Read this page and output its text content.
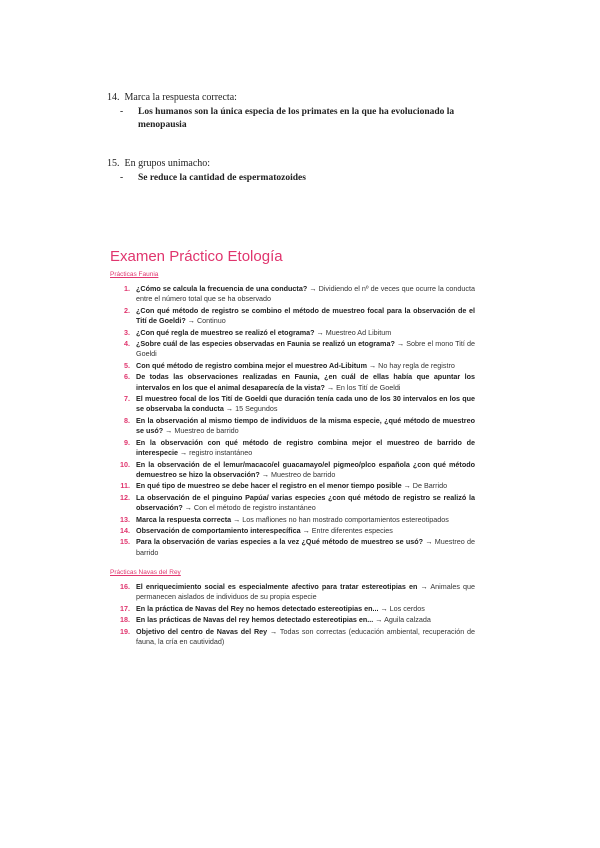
14. Marca la respuesta correcta:
-	Los humanos son la única especia de los primates en la que ha evolucionado la menopausia
15. En grupos unimacho:
-	Se reduce la cantidad de espermatozoides
Examen Práctico Etología
Prácticas Faunia
1. ¿Cómo se calcula la frecuencia de una conducta? → Dividiendo el nº de veces que ocurre la conducta entre el número total que se ha observado
2. ¿Con qué método de registro se combino el método de muestreo focal para la observación de el Tití de Goeldi? → Continuo
3. ¿Con qué regla de muestreo se realizó el etograma? → Muestreo Ad Libitum
4. ¿Sobre cuál de las especies observadas en Faunia se realizó un etograma? → Sobre el mono Tití de Goeldi
5. Con qué método de registro combina mejor el muestreo Ad-Libitum → No hay regla de registro
6. De todas las observaciones realizadas en Faunia, ¿en cuál de ellas había que apuntar los intervalos en los que el animal desaparecía de la vista? → En los Tití de Goeldi
7. El muestreo focal de los Tití de Goeldi que duración tenía cada uno de los 30 intervalos en los que se observaba la conducta → 15 Segundos
8. En la observación al mismo tiempo de individuos de la misma especie, ¿qué método de muestreo se usó? → Muestreo de barrido
9. En la observación con qué método de registro combina mejor el muestreo de barrido de interespecie → registro instantáneo
10. En la observación de el lemur/macaco/el guacamayo/el pigmeo/plco española ¿con qué método demuestreo se hizo la observación? → Muestreo de barrido
11. En qué tipo de muestreo se debe hacer el registro en el menor tiempo posible → De Barrido
12. La observación de el pinguino Papúa/ varias especies ¿con qué método de registro se realizó la observación? → Con el método de registro instantáneo
13. Marca la respuesta correcta → Los mafliones no han mostrado comportamientos estereotipados
14. Observación de comportamiento interespecífica → Entre diferentes especies
15. Para la observación de varias especies a la vez ¿Qué método de muestreo se usó? → Muestreo de barrido
Prácticas Navas del Rey
16. El enriquecimiento social es especialmente afectivo para tratar estereotipias en → Animales que permanecen aislados de individuos de su propia especie
17. En la práctica de Navas del Rey no hemos detectado estereotipias en... → Los cerdos
18. En las prácticas de Navas del rey hemos detectado estereotipias en... → Aguila calzada
19. Objetivo del centro de Navas del Rey → Todas son correctas (educación ambiental, recuperación de fauna, la cría en cautividad)
